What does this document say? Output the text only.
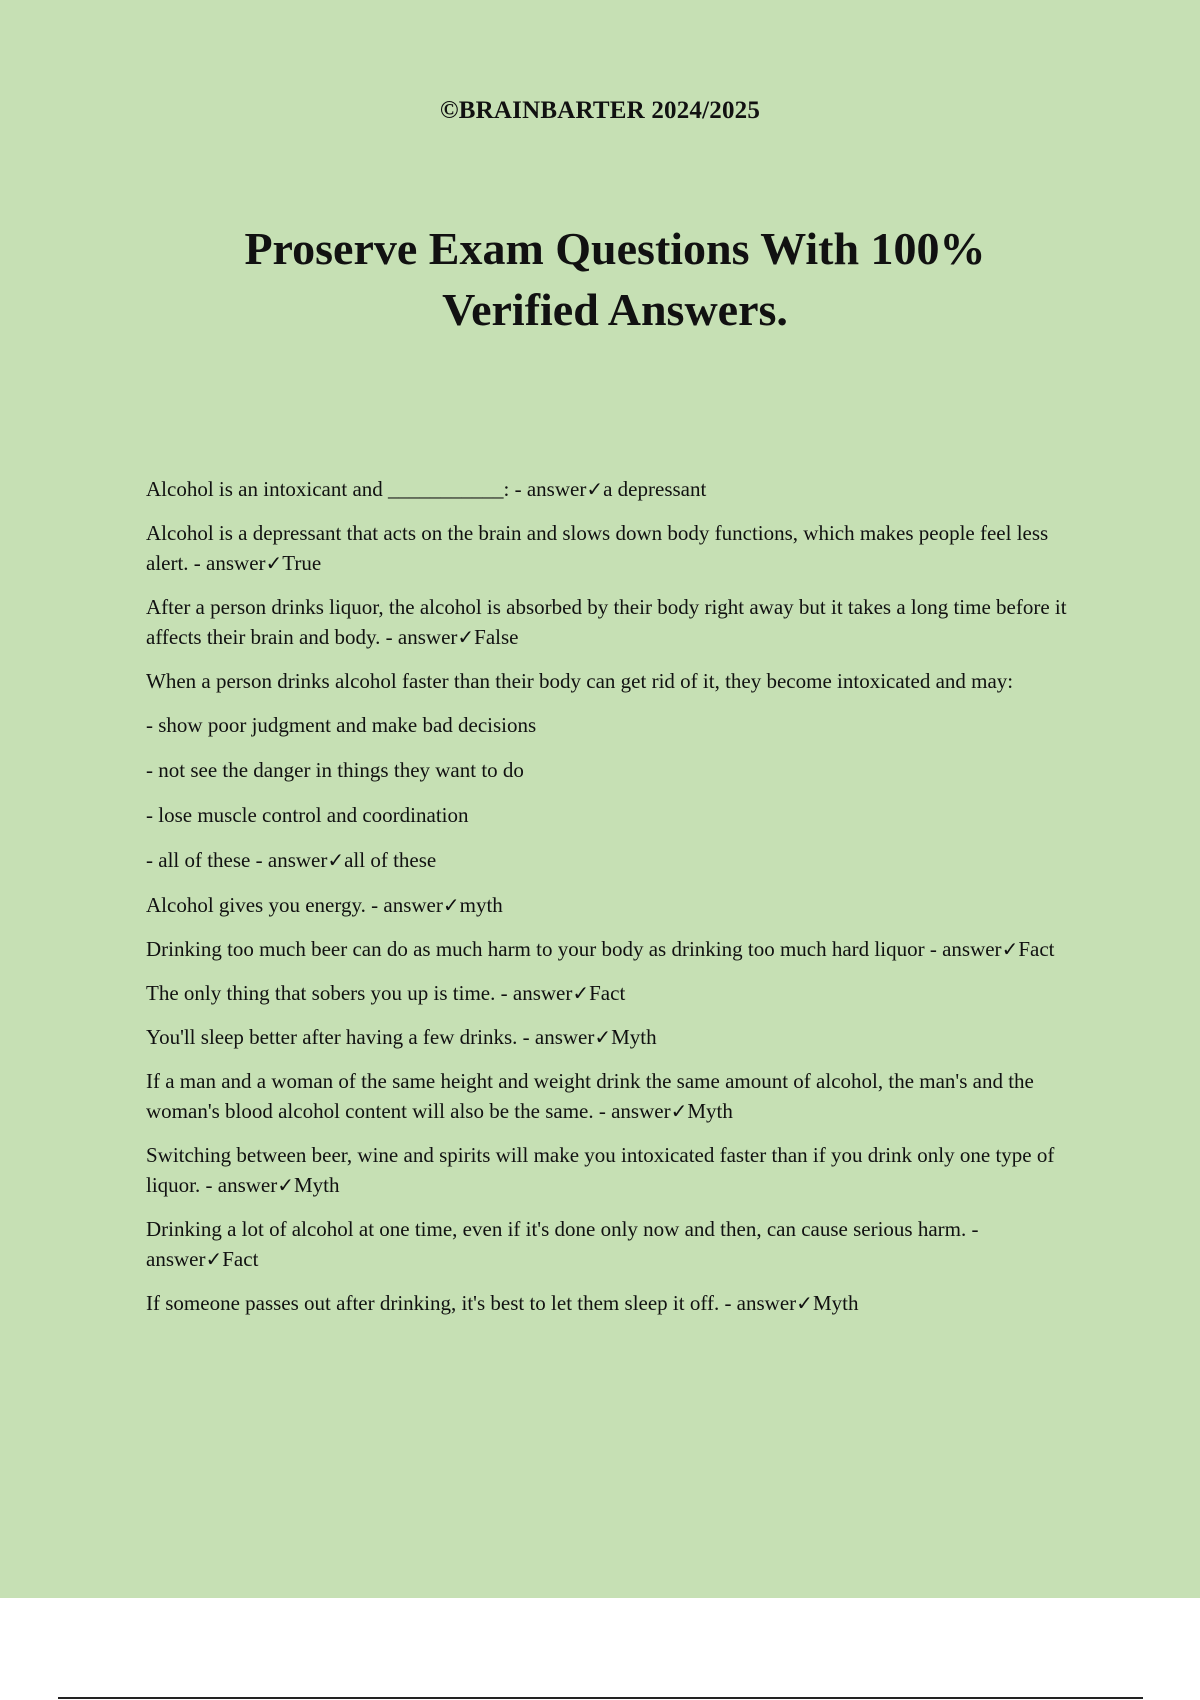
©BRAINBARTER 2024/2025
Proserve Exam Questions With 100%
Verified Answers.

Alcohol is an intoxicant and ___________: - answer✓a depressant

Alcohol is a depressant that acts on the brain and slows down body functions, which makes people feel less alert. - answer✓True

After a person drinks liquor, the alcohol is absorbed by their body right away but it takes a long time before it affects their brain and body. - answer✓False

When a person drinks alcohol faster than their body can get rid of it, they become intoxicated and may:

- show poor judgment and make bad decisions

- not see the danger in things they want to do

- lose muscle control and coordination

- all of these - answer✓all of these

Alcohol gives you energy. - answer✓myth

Drinking too much beer can do as much harm to your body as drinking too much hard liquor - answer✓Fact

The only thing that sobers you up is time. - answer✓Fact

You'll sleep better after having a few drinks. - answer✓Myth

If a man and a woman of the same height and weight drink the same amount of alcohol, the man's and the woman's blood alcohol content will also be the same. - answer✓Myth

Switching between beer, wine and spirits will make you intoxicated faster than if you drink only one type of liquor. - answer✓Myth

Drinking a lot of alcohol at one time, even if it's done only now and then, can cause serious harm. - answer✓Fact

If someone passes out after drinking, it's best to let them sleep it off. - answer✓Myth
